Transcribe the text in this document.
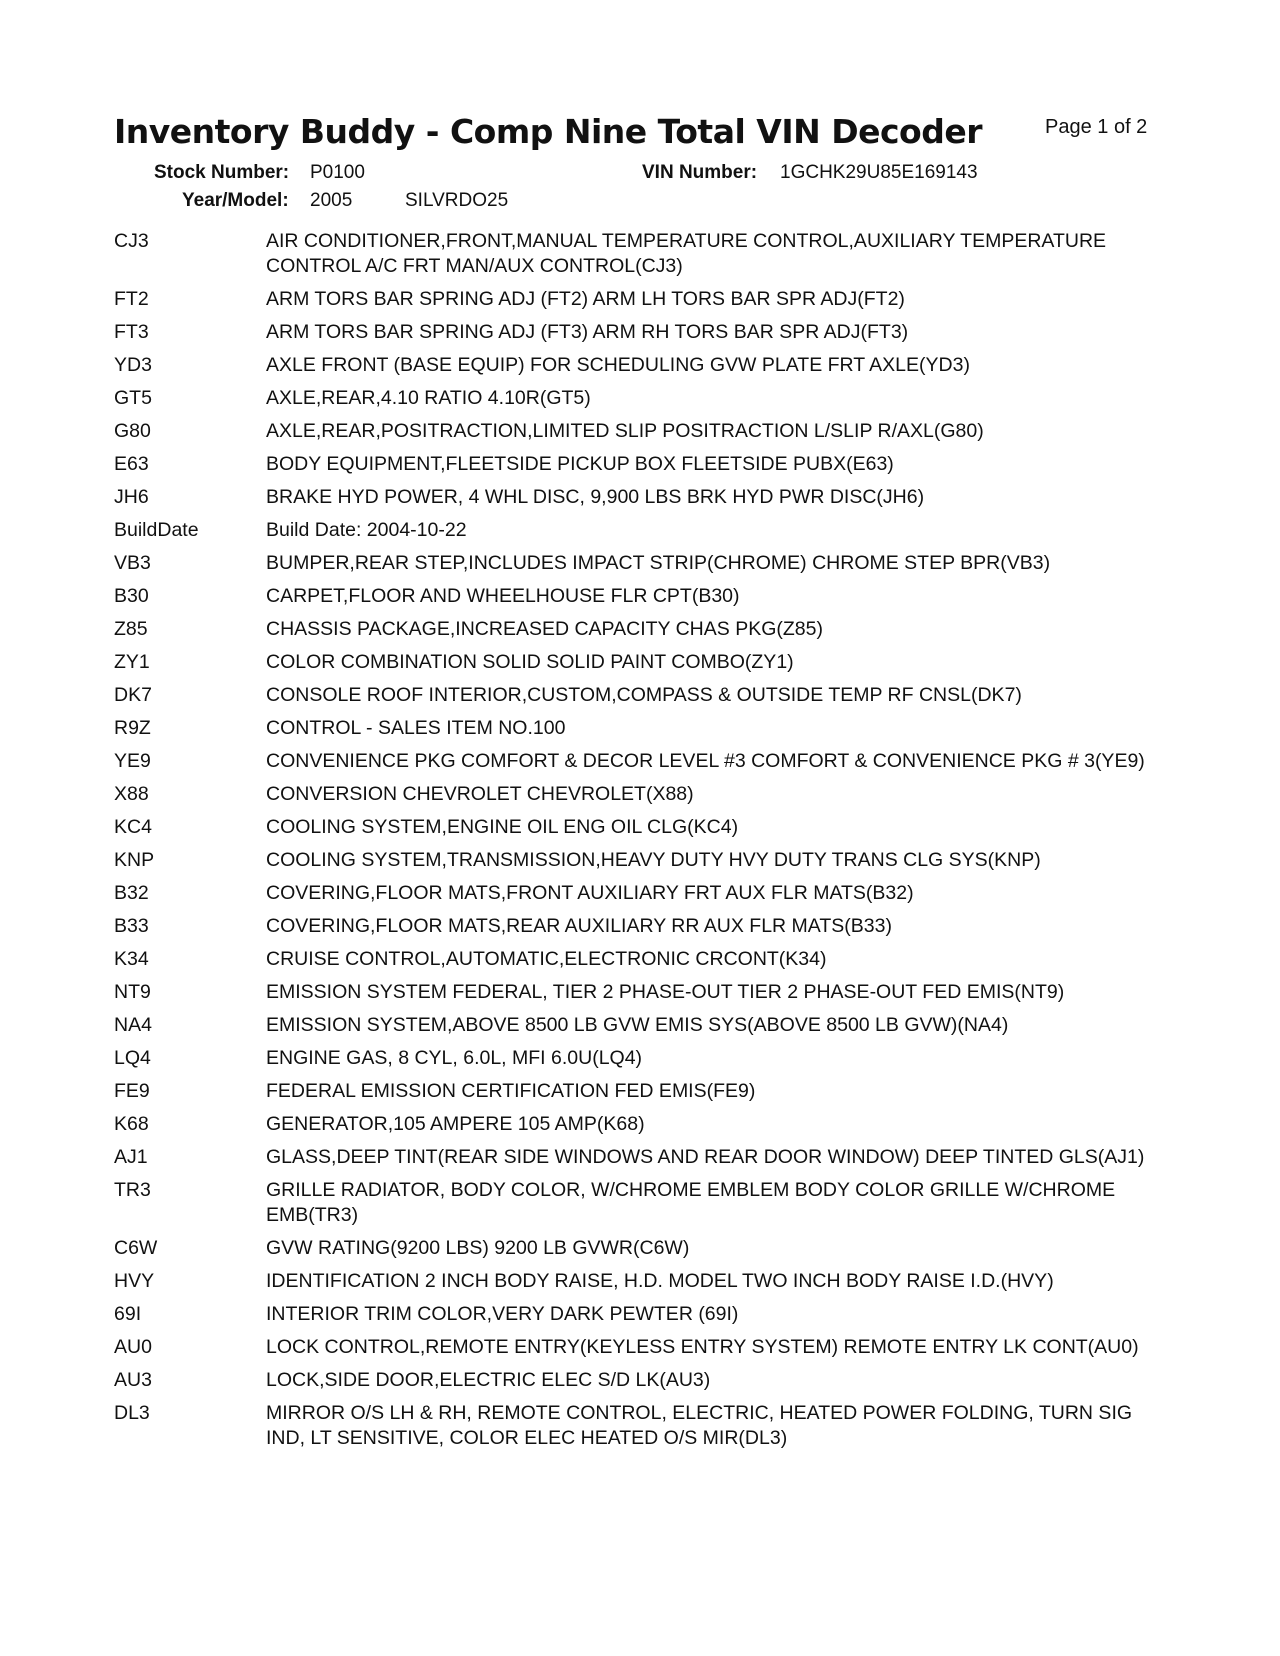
Inventory Buddy - Comp Nine Total VIN Decoder	Page 1 of 2
Stock Number: P0100	VIN Number: 1GCHK29U85E169143
Year/Model: 2005	SILVRDO25
CJ3	AIR CONDITIONER,FRONT,MANUAL TEMPERATURE CONTROL,AUXILIARY TEMPERATURE CONTROL A/C FRT MAN/AUX CONTROL(CJ3)
FT2	ARM TORS BAR SPRING ADJ (FT2) ARM LH TORS BAR SPR ADJ(FT2)
FT3	ARM TORS BAR SPRING ADJ (FT3) ARM RH TORS BAR SPR ADJ(FT3)
YD3	AXLE FRONT (BASE EQUIP) FOR SCHEDULING GVW PLATE FRT AXLE(YD3)
GT5	AXLE,REAR,4.10 RATIO 4.10R(GT5)
G80	AXLE,REAR,POSITRACTION,LIMITED SLIP POSITRACTION L/SLIP R/AXL(G80)
E63	BODY EQUIPMENT,FLEETSIDE PICKUP BOX FLEETSIDE PUBX(E63)
JH6	BRAKE HYD POWER, 4 WHL DISC, 9,900 LBS BRK HYD PWR DISC(JH6)
BuildDate	Build Date: 2004-10-22
VB3	BUMPER,REAR STEP,INCLUDES IMPACT STRIP(CHROME) CHROME STEP BPR(VB3)
B30	CARPET,FLOOR AND WHEELHOUSE FLR CPT(B30)
Z85	CHASSIS PACKAGE,INCREASED CAPACITY CHAS PKG(Z85)
ZY1	COLOR COMBINATION SOLID SOLID PAINT COMBO(ZY1)
DK7	CONSOLE ROOF INTERIOR,CUSTOM,COMPASS & OUTSIDE TEMP RF CNSL(DK7)
R9Z	CONTROL - SALES ITEM NO.100
YE9	CONVENIENCE PKG COMFORT & DECOR LEVEL #3 COMFORT & CONVENIENCE PKG # 3(YE9)
X88	CONVERSION CHEVROLET CHEVROLET(X88)
KC4	COOLING SYSTEM,ENGINE OIL ENG OIL CLG(KC4)
KNP	COOLING SYSTEM,TRANSMISSION,HEAVY DUTY HVY DUTY TRANS CLG SYS(KNP)
B32	COVERING,FLOOR MATS,FRONT AUXILIARY FRT AUX FLR MATS(B32)
B33	COVERING,FLOOR MATS,REAR AUXILIARY RR AUX FLR MATS(B33)
K34	CRUISE CONTROL,AUTOMATIC,ELECTRONIC CRCONT(K34)
NT9	EMISSION SYSTEM FEDERAL, TIER 2 PHASE-OUT TIER 2 PHASE-OUT FED EMIS(NT9)
NA4	EMISSION SYSTEM,ABOVE 8500 LB GVW EMIS SYS(ABOVE 8500 LB GVW)(NA4)
LQ4	ENGINE GAS, 8 CYL, 6.0L, MFI 6.0U(LQ4)
FE9	FEDERAL EMISSION CERTIFICATION FED EMIS(FE9)
K68	GENERATOR,105 AMPERE 105 AMP(K68)
AJ1	GLASS,DEEP TINT(REAR SIDE WINDOWS AND REAR DOOR WINDOW) DEEP TINTED GLS(AJ1)
TR3	GRILLE RADIATOR, BODY COLOR, W/CHROME EMBLEM BODY COLOR GRILLE W/CHROME EMB(TR3)
C6W	GVW RATING(9200 LBS) 9200 LB GVWR(C6W)
HVY	IDENTIFICATION 2 INCH BODY RAISE, H.D. MODEL TWO INCH BODY RAISE I.D.(HVY)
69I	INTERIOR TRIM COLOR,VERY DARK PEWTER (69I)
AU0	LOCK CONTROL,REMOTE ENTRY(KEYLESS ENTRY SYSTEM) REMOTE ENTRY LK CONT(AU0)
AU3	LOCK,SIDE DOOR,ELECTRIC ELEC S/D LK(AU3)
DL3	MIRROR O/S LH & RH, REMOTE CONTROL, ELECTRIC, HEATED POWER FOLDING, TURN SIG IND, LT SENSITIVE, COLOR ELEC HEATED O/S MIR(DL3)
